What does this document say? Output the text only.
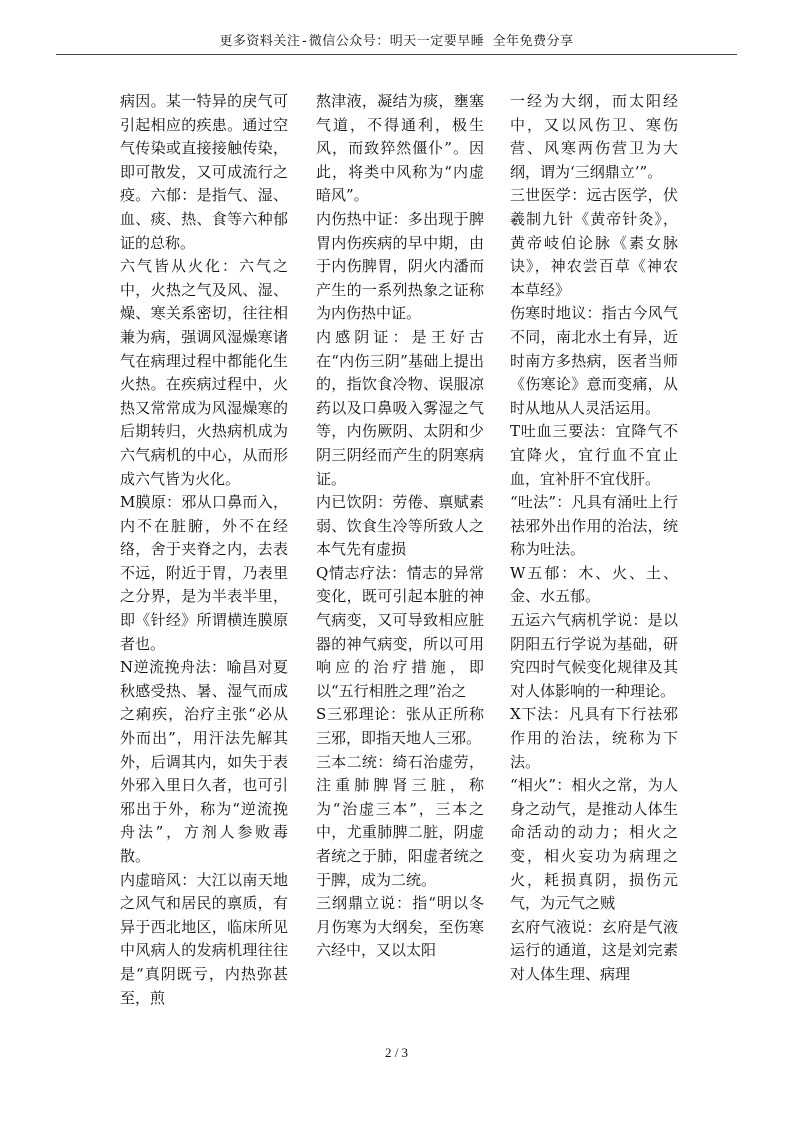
更多资料关注-微信公众号：明天一定要早睡 全年免费分享

病因。某一特异的戾气可引起相应的疾患。通过空气传染或直接接触传染，即可散发，又可成流行之疫。六郁：是指气、湿、血、痰、热、食等六种郁证的总称。

六气皆从火化：六气之中，火热之气及风、湿、燥、寒关系密切，往往相兼为病，强调风湿燥寒诸气在病理过程中都能化生火热。在疾病过程中，火热又常常成为风湿燥寒的后期转归，火热病机成为六气病机的中心，从而形成六气皆为火化。

M膜原：邪从口鼻而入，内不在脏腑，外不在经络，舍于夹脊之内，去表不远，附近于胃，乃表里之分界，是为半表半里，即《针经》所谓横连膜原者也。

N逆流挽舟法：喻昌对夏秋感受热、暑、湿气而成之痢疾，治疗主张“必从外而出”，用汗法先解其外，后调其内，如失于表外邪入里日久者，也可引邪出于外，称为“逆流挽舟法”，方剂人参败毒散。

内虚暗风：大江以南天地之风气和居民的禀质，有异于西北地区，临床所见中风病人的发病机理往往是“真阴既亏，内热弥甚至，煎

熬津液，凝结为痰，壅塞气道，不得通利，极生风，而致猝然僵仆”。因此，将类中风称为“内虚暗风”。

内伤热中证：多出现于脾胃内伤疾病的早中期，由于内伤脾胃，阴火内潘而产生的一系列热象之证称为内伤热中证。

内感阴证：是王好古在“内伤三阴”基础上提出的，指饮食冷物、误服凉药以及口鼻吸入雾湿之气等，内伤厥阴、太阴和少阴三阴经而产生的阴寒病证。

内已饮阴：劳倦、禀赋素弱、饮食生冷等所致人之本气先有虚损

Q情志疗法：情志的异常变化，既可引起本脏的神气病变，又可导致相应脏器的神气病变，所以可用响应的治疗措施，即以“五行相胜之理”治之

S三邪理论：张从正所称三邪，即指天地人三邪。

三本二统：绮石治虚劳，注重肺脾肾三脏，称为“治虚三本”，三本之中，尤重肺脾二脏，阴虚者统之于肺，阳虚者统之于脾，成为二统。

三纲鼎立说：指“明以冬月伤寒为大纲矣，至伤寒六经中，又以太阳

一经为大纲，而太阳经中，又以风伤卫、寒伤营、风寒两伤营卫为大纲，谓为‘三纲鼎立’”。

三世医学：远古医学，伏羲制九针《黄帝针灸》，黄帝岐伯论脉《素女脉诀》，神农尝百草《神农本草经》

伤寒时地议：指古今风气不同，南北水土有异，近时南方多热病，医者当师《伤寒论》意而变痛，从时从地从人灵活运用。

T吐血三要法：宜降气不宜降火，宜行血不宜止血，宜补肝不宜伐肝。

“吐法”：凡具有涌吐上行祛邪外出作用的治法，统称为吐法。

W五郁：木、火、土、金、水五郁。

五运六气病机学说：是以阴阳五行学说为基础，研究四时气候变化规律及其对人体影响的一种理论。

X下法：凡具有下行祛邪作用的治法，统称为下法。

“相火”：相火之常，为人身之动气，是推动人体生命活动的动力；相火之变，相火妄功为病理之火，耗损真阴，损伤元气，为元气之贼

玄府气液说：玄府是气液运行的通道，这是刘完素对人体生理、病理

2 / 3
